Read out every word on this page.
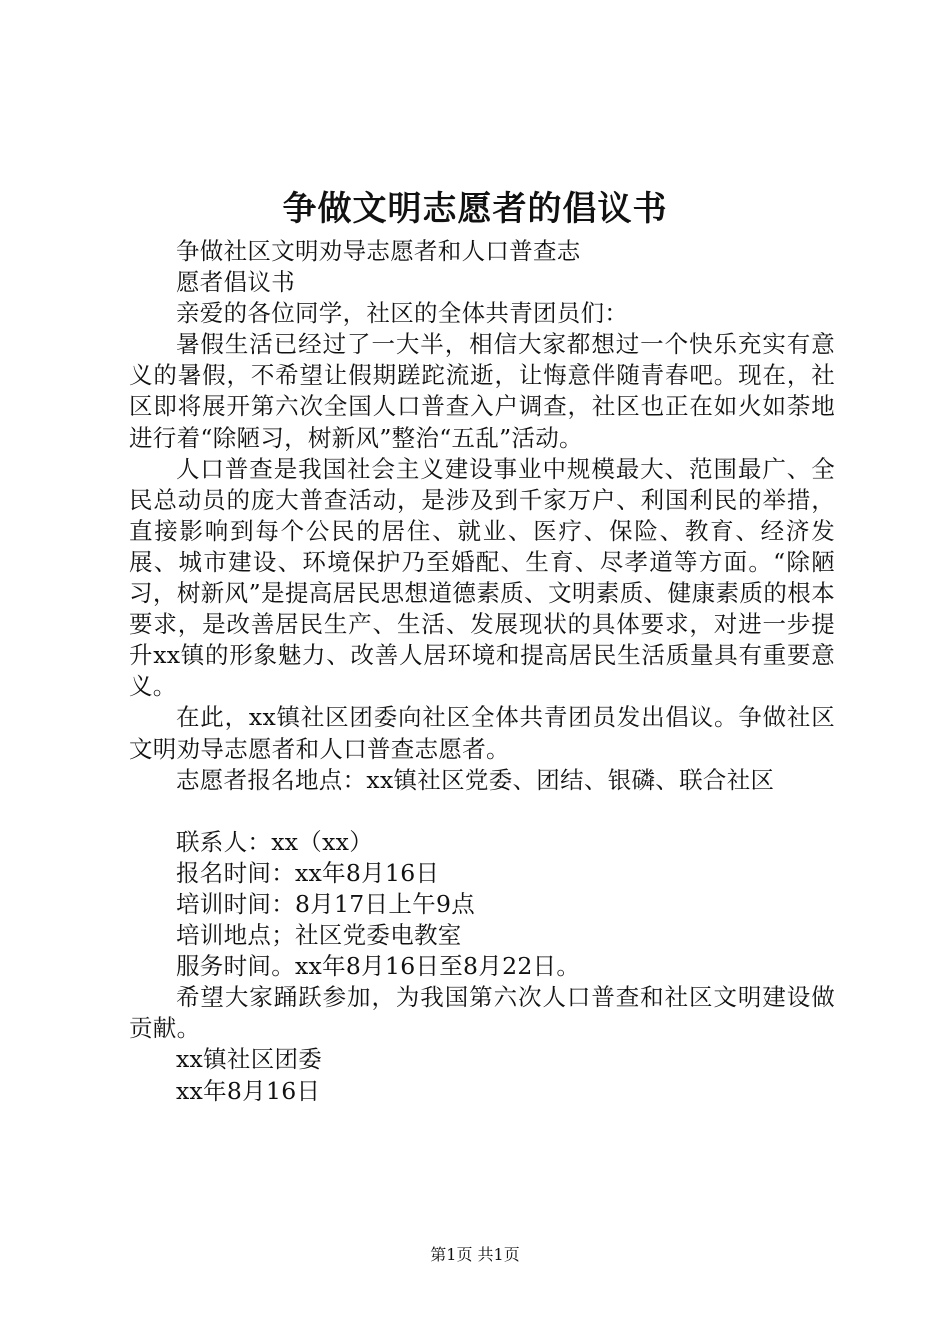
争做文明志愿者的倡议书
争做社区文明劝导志愿者和人口普查志
愿者倡议书
亲爱的各位同学，社区的全体共青团员们：

暑假生活已经过了一大半，相信大家都想过一个快乐充实有意义的暑假，不希望让假期蹉跎流逝，让悔意伴随青春吧。现在，社区即将展开第六次全国人口普查入户调查，社区也正在如火如荼地进行着“除陋习，树新风”整治“五乱”活动。

人口普查是我国社会主义建设事业中规模最大、范围最广、全民总动员的庞大普查活动，是涉及到千家万户、利国利民的举措，直接影响到每个公民的居住、就业、医疗、保险、教育、经济发展、城市建设、环境保护乃至婚配、生育、尽孝道等方面。“除陋习，树新风”是提高居民思想道德素质、文明素质、健康素质的根本要求，是改善居民生产、生活、发展现状的具体要求，对进一步提升xx镇的形象魅力、改善人居环境和提高居民生活质量具有重要意义。

在此，xx镇社区团委向社区全体共青团员发出倡议。争做社区文明劝导志愿者和人口普查志愿者。

志愿者报名地点：xx镇社区党委、团结、银磷、联合社区
联系人：xx（xx）
报名时间：xx年8月16日
培训时间：8月17日上午9点
培训地点；社区党委电教室
服务时间。xx年8月16日至8月22日。

希望大家踊跃参加，为我国第六次人口普查和社区文明建设做贡献。

xx镇社区团委
xx年8月16日
第1页 共1页
